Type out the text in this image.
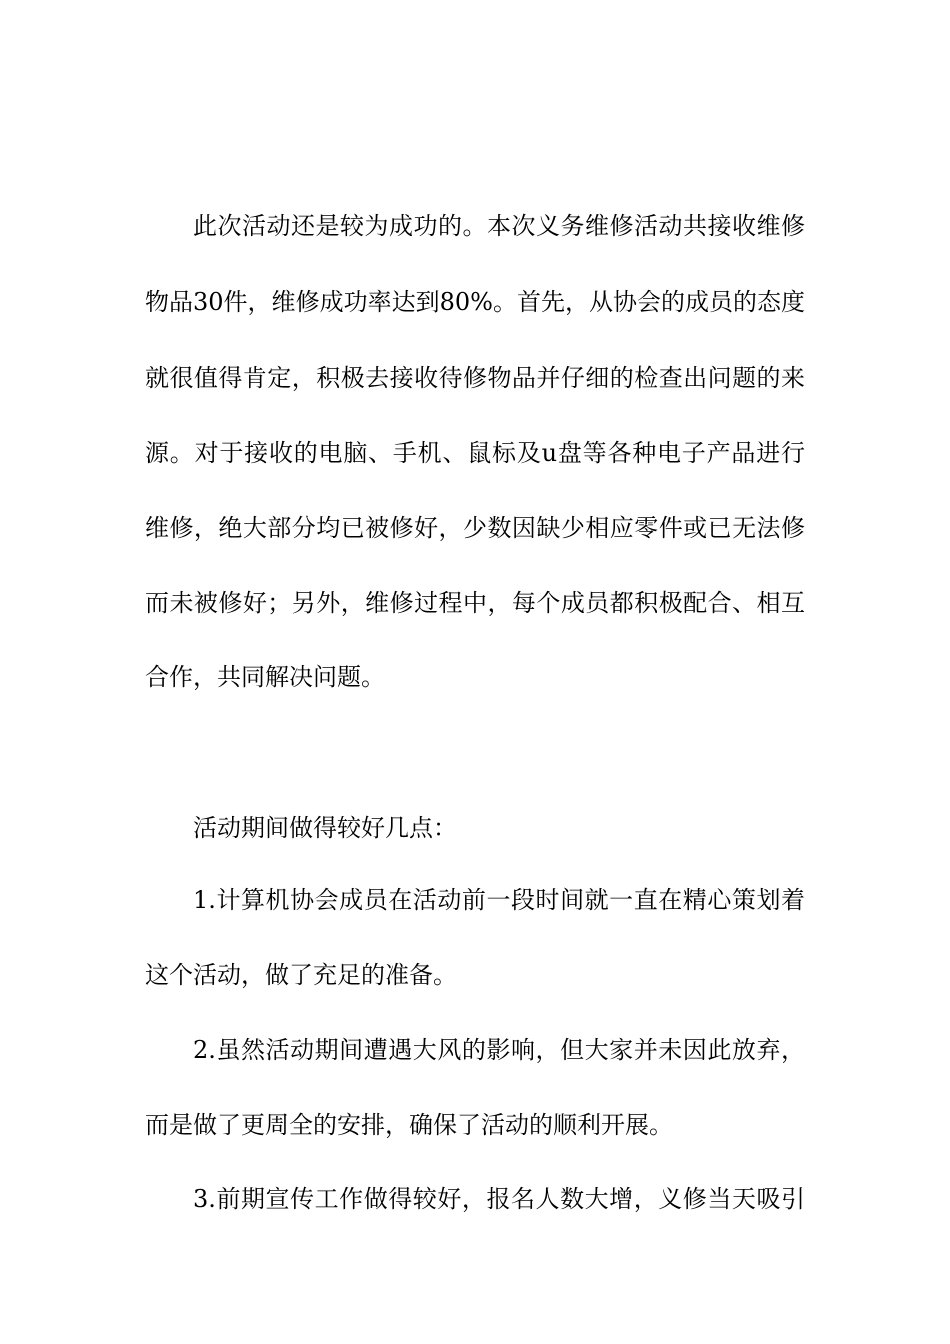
此次活动还是较为成功的。本次义务维修活动共接收维修
物品30件，维修成功率达到80%。首先，从协会的成员的态度
就很值得肯定，积极去接收待修物品并仔细的检查出问题的来
源。对于接收的电脑、手机、鼠标及u盘等各种电子产品进行
维修，绝大部分均已被修好，少数因缺少相应零件或已无法修
而未被修好；另外，维修过程中，每个成员都积极配合、相互
合作，共同解决问题。
活动期间做得较好几点：
1.计算机协会成员在活动前一段时间就一直在精心策划着
这个活动，做了充足的准备。
2.虽然活动期间遭遇大风的影响，但大家并未因此放弃，
而是做了更周全的安排，确保了活动的顺利开展。
3.前期宣传工作做得较好，报名人数大增，义修当天吸引
